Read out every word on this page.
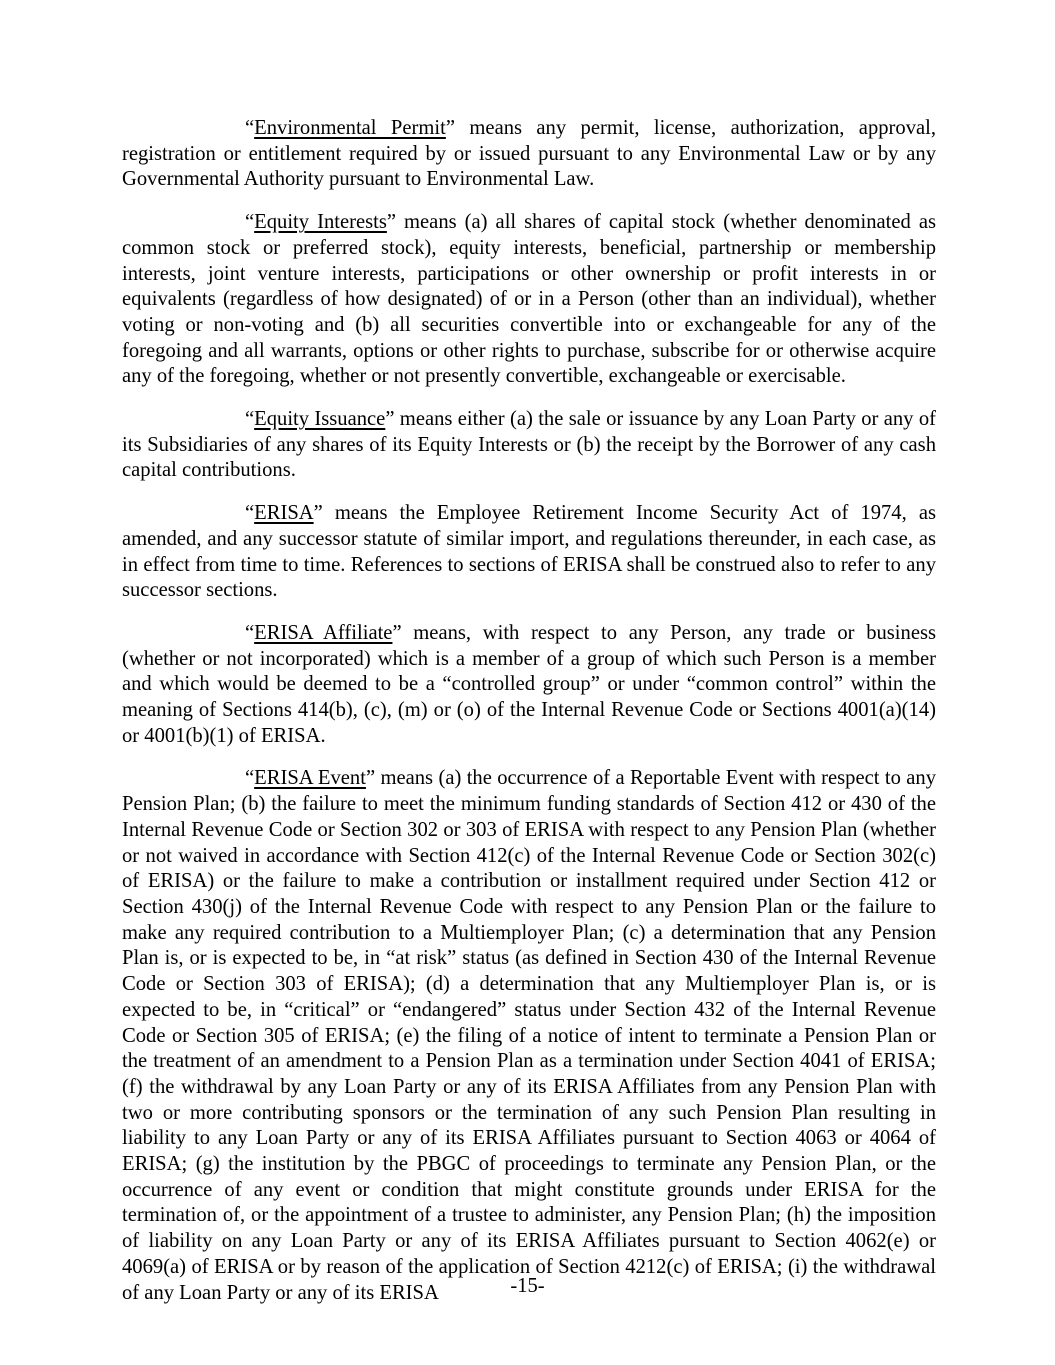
“Environmental Permit” means any permit, license, authorization, approval, registration or entitlement required by or issued pursuant to any Environmental Law or by any Governmental Authority pursuant to Environmental Law.

“Equity Interests” means (a) all shares of capital stock (whether denominated as common stock or preferred stock), equity interests, beneficial, partnership or membership interests, joint venture interests, participations or other ownership or profit interests in or equivalents (regardless of how designated) of or in a Person (other than an individual), whether voting or non-voting and (b) all securities convertible into or exchangeable for any of the foregoing and all warrants, options or other rights to purchase, subscribe for or otherwise acquire any of the foregoing, whether or not presently convertible, exchangeable or exercisable.

“Equity Issuance” means either (a) the sale or issuance by any Loan Party or any of its Subsidiaries of any shares of its Equity Interests or (b) the receipt by the Borrower of any cash capital contributions.

“ERISA” means the Employee Retirement Income Security Act of 1974, as amended, and any successor statute of similar import, and regulations thereunder, in each case, as in effect from time to time. References to sections of ERISA shall be construed also to refer to any successor sections.

“ERISA Affiliate” means, with respect to any Person, any trade or business (whether or not incorporated) which is a member of a group of which such Person is a member and which would be deemed to be a “controlled group” or under “common control” within the meaning of Sections 414(b), (c), (m) or (o) of the Internal Revenue Code or Sections 4001(a)(14) or 4001(b)(1) of ERISA.

“ERISA Event” means (a) the occurrence of a Reportable Event with respect to any Pension Plan; (b) the failure to meet the minimum funding standards of Section 412 or 430 of the Internal Revenue Code or Section 302 or 303 of ERISA with respect to any Pension Plan (whether or not waived in accordance with Section 412(c) of the Internal Revenue Code or Section 302(c) of ERISA) or the failure to make a contribution or installment required under Section 412 or Section 430(j) of the Internal Revenue Code with respect to any Pension Plan or the failure to make any required contribution to a Multiemployer Plan; (c) a determination that any Pension Plan is, or is expected to be, in “at risk” status (as defined in Section 430 of the Internal Revenue Code or Section 303 of ERISA); (d) a determination that any Multiemployer Plan is, or is expected to be, in “critical” or “endangered” status under Section 432 of the Internal Revenue Code or Section 305 of ERISA; (e) the filing of a notice of intent to terminate a Pension Plan or the treatment of an amendment to a Pension Plan as a termination under Section 4041 of ERISA; (f) the withdrawal by any Loan Party or any of its ERISA Affiliates from any Pension Plan with two or more contributing sponsors or the termination of any such Pension Plan resulting in liability to any Loan Party or any of its ERISA Affiliates pursuant to Section 4063 or 4064 of ERISA; (g) the institution by the PBGC of proceedings to terminate any Pension Plan, or the occurrence of any event or condition that might constitute grounds under ERISA for the termination of, or the appointment of a trustee to administer, any Pension Plan; (h) the imposition of liability on any Loan Party or any of its ERISA Affiliates pursuant to Section 4062(e) or 4069(a) of ERISA or by reason of the application of Section 4212(c) of ERISA; (i) the withdrawal of any Loan Party or any of its ERISA	-15-
